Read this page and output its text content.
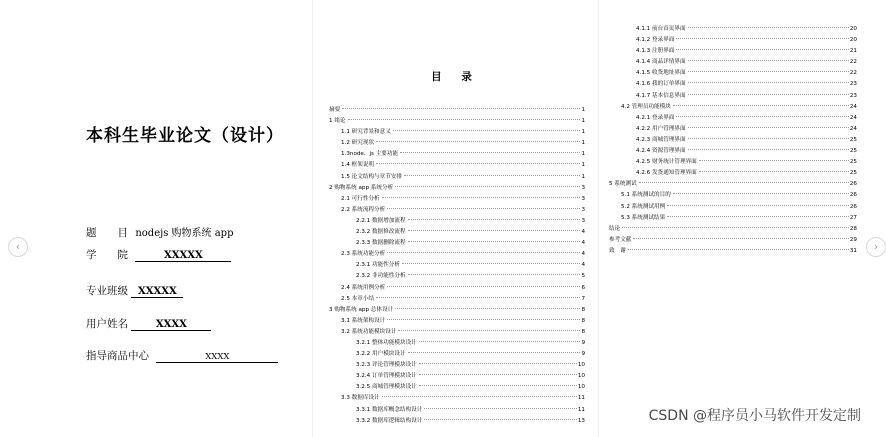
本科生毕业论文（设计）
题　　目 nodejs 购物系统 app
学　　院	XXXXX
专业班级 XXXXX
用户姓名	XXXX
指导商品中心	XXXX
目 录
摘要	1
1 绪论	1
1.1 研究背景和意义	1
1.2 研究现状	1
1.3node．js 主要功能	1
1.4 框架说明	1
1.5 论文结构与章节安排	1
2 购物系统 app 系统分析	3
2.1 可行性分析	3
2.2 系统流程分析	3
2.2.1 数据增加流程	3
2.3.2 数据修改流程	4
2.3.3 数据删除流程	4
2.3 系统功能分析	4
2.3.1 功能性分析	4
2.3.2 非功能性分析	5
2.4 系统用例分析	6
2.5 本章小结	7
3 购物系统 app 总体设计	8
3.1 系统架构设计	8
3.2 系统功能模块设计	8
3.2.1 整体功能模块设计	9
3.2.2 用户模块设计	9
3.2.3 评论管理模块设计	10
3.2.4 订单管理模块设计	10
3.2.5 商城管理模块设计	10
3.3 数据库设计	11
3.3.1 数据库概念结构设计	11
3.3.2 数据库逻辑结构设计	13
4.1.1 前台首页界面	20
4.1.2 登录界面	20
4.1.3 注册界面	21
4.1.4 商品详情界面	22
4.1.5 收货地址界面	22
4.1.6 我的订单界面	23
4.1.7 基本信息界面	23
4.2 管理员功能模块	24
4.2.1 登录界面	24
4.2.2 用户管理界面	24
4.2.3 商城管理界面	25
4.2.4 资源管理界面	25
4.2.5 财务统计管理界面	25
4.2.6 发货通知管理界面	25
5 系统测试	26
5.1 系统测试的目的	26
5.2 系统测试用例	26
5.3 系统测试结果	27
结论	28
参考文献	29
致　谢	31
‹	›
CSDN @程序员小马软件开发定制
